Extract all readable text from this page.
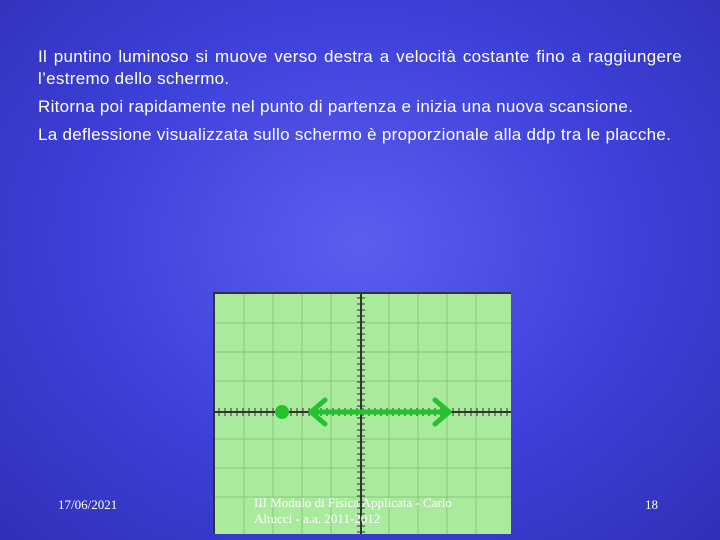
Il puntino luminoso si muove verso destra a velocità costante fino a raggiungere l’estremo dello schermo.

Ritorna poi rapidamente nel punto di partenza e inizia una nuova scansione.

La deflessione visualizzata sullo schermo è proporzionale alla ddp tra le placche.

17/06/2021	III Modulo di Fisica Applicata - Carlo Altucci - a.a. 2011-2012
18
